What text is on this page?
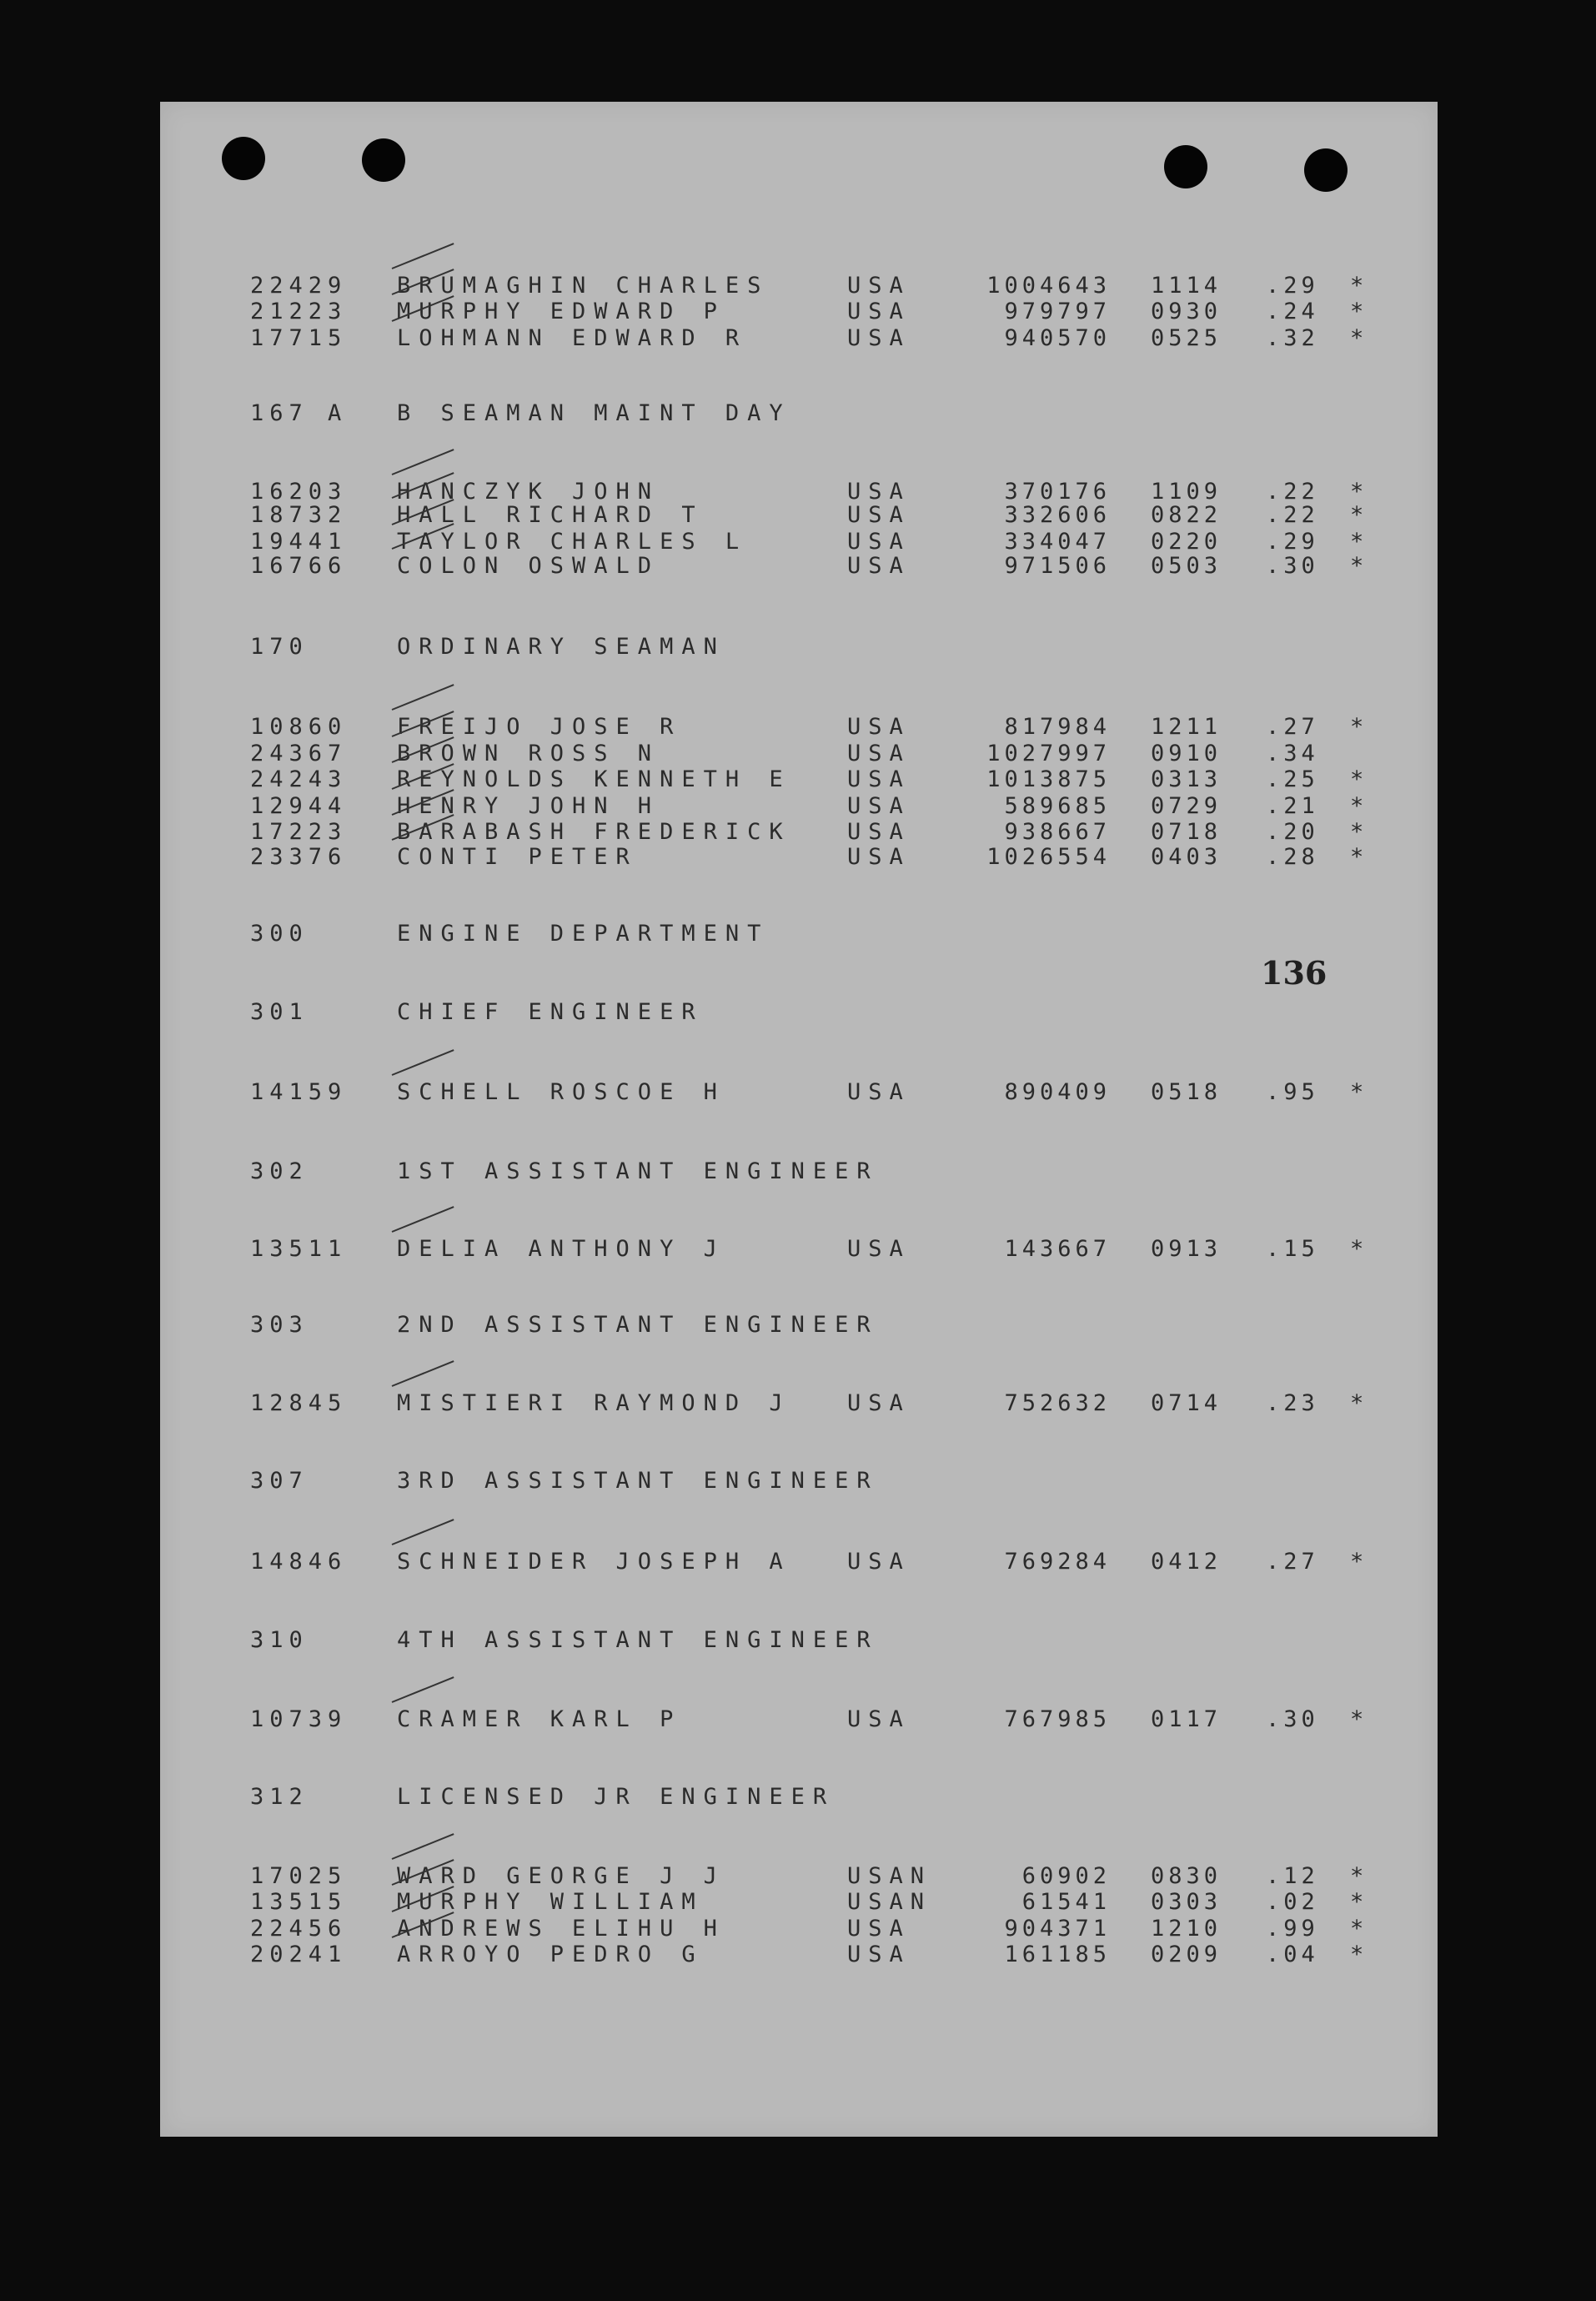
136
22429 BRUMAGHIN CHARLES	USA	1004643 1114 .29 *
21223 MURPHY EDWARD P	USA	979797 0930 .24 *
17715 LOHMANN EDWARD R	USA	940570 0525 .32 *
167 A B SEAMAN MAINT DAY
16203 HANCZYK JOHN	USA	370176 1109 .22 *
18732 HALL RICHARD T	USA	332606 0822 .22 *
19441 TAYLOR CHARLES L	USA	334047 0220 .29 *
16766 COLON OSWALD	USA	971506 0503 .30 *
170	ORDINARY SEAMAN
10860 FREIJO JOSE R	USA	817984 1211 .27 *
24367 BROWN ROSS N	USA	1027997 0910 .34
24243 REYNOLDS KENNETH E USA	1013875 0313 .25 *
12944 HENRY JOHN H	USA	589685 0729 .21 *
17223 BARABASH FREDERICK USA	938667 0718 .20 *
23376 CONTI PETER	USA	1026554 0403 .28 *
300	ENGINE DEPARTMENT
301	CHIEF ENGINEER
14159 SCHELL ROSCOE H	USA	890409 0518 .95 *
302	1ST ASSISTANT ENGINEER
13511 DELIA ANTHONY J	USA	143667 0913 .15 *
303	2ND ASSISTANT ENGINEER
12845 MISTIERI RAYMOND J USA	752632 0714 .23 *
307	3RD ASSISTANT ENGINEER
14846 SCHNEIDER JOSEPH A USA	769284 0412 .27 *
310	4TH ASSISTANT ENGINEER
10739 CRAMER KARL P	USA	767985 0117 .30 *
312	LICENSED JR ENGINEER
17025 WARD GEORGE J J	USAN	60902 0830 .12 *
13515 MURPHY WILLIAM	USAN	61541 0303 .02 *
22456 ANDREWS ELIHU H	USA	904371 1210 .99 *
20241 ARROYO PEDRO G	USA	161185 0209 .04 *
